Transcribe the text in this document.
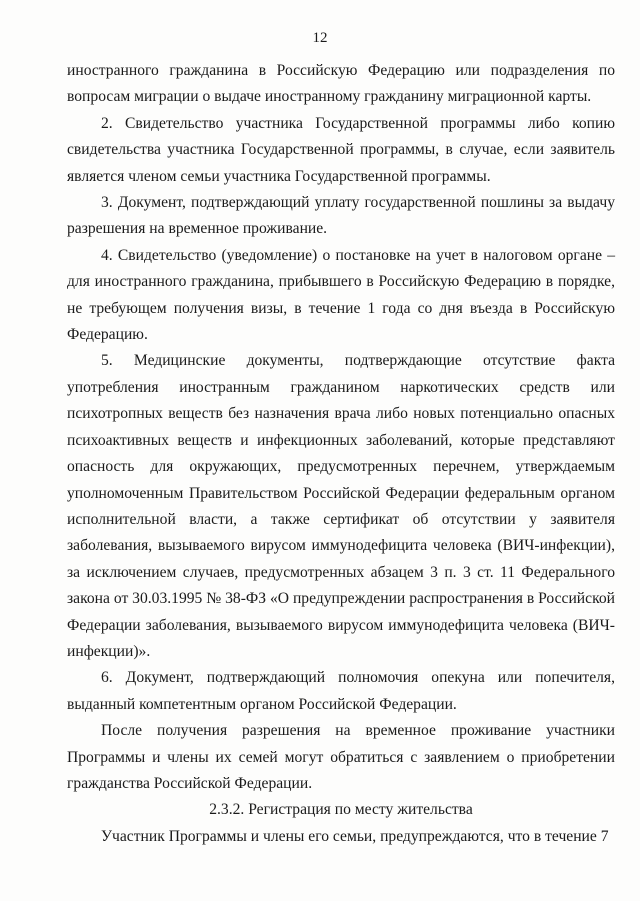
12

иностранного гражданина в Российскую Федерацию или подразделения по вопросам миграции о выдаче иностранному гражданину миграционной карты.

2. Свидетельство участника Государственной программы либо копию свидетельства участника Государственной программы, в случае, если заявитель является членом семьи участника Государственной программы.

3. Документ, подтверждающий уплату государственной пошлины за выдачу разрешения на временное проживание.

4. Свидетельство (уведомление) о постановке на учет в налоговом органе – для иностранного гражданина, прибывшего в Российскую Федерацию в порядке, не требующем получения визы, в течение 1 года со дня въезда в Российскую Федерацию.

5. Медицинские документы, подтверждающие отсутствие факта употребления иностранным гражданином наркотических средств или психотропных веществ без назначения врача либо новых потенциально опасных психоактивных веществ и инфекционных заболеваний, которые представляют опасность для окружающих, предусмотренных перечнем, утверждаемым уполномоченным Правительством Российской Федерации федеральным органом исполнительной власти, а также сертификат об отсутствии у заявителя заболевания, вызываемого вирусом иммунодефицита человека (ВИЧ-инфекции), за исключением случаев, предусмотренных абзацем 3 п. 3 ст. 11 Федерального закона от 30.03.1995 № 38-ФЗ «О предупреждении распространения в Российской Федерации заболевания, вызываемого вирусом иммунодефицита человека (ВИЧ-инфекции)».

6. Документ, подтверждающий полномочия опекуна или попечителя, выданный компетентным органом Российской Федерации.

После получения разрешения на временное проживание участники Программы и члены их семей могут обратиться с заявлением о приобретении гражданства Российской Федерации.

2.3.2. Регистрация по месту жительства

Участник Программы и члены его семьи, предупреждаются, что в течение 7
